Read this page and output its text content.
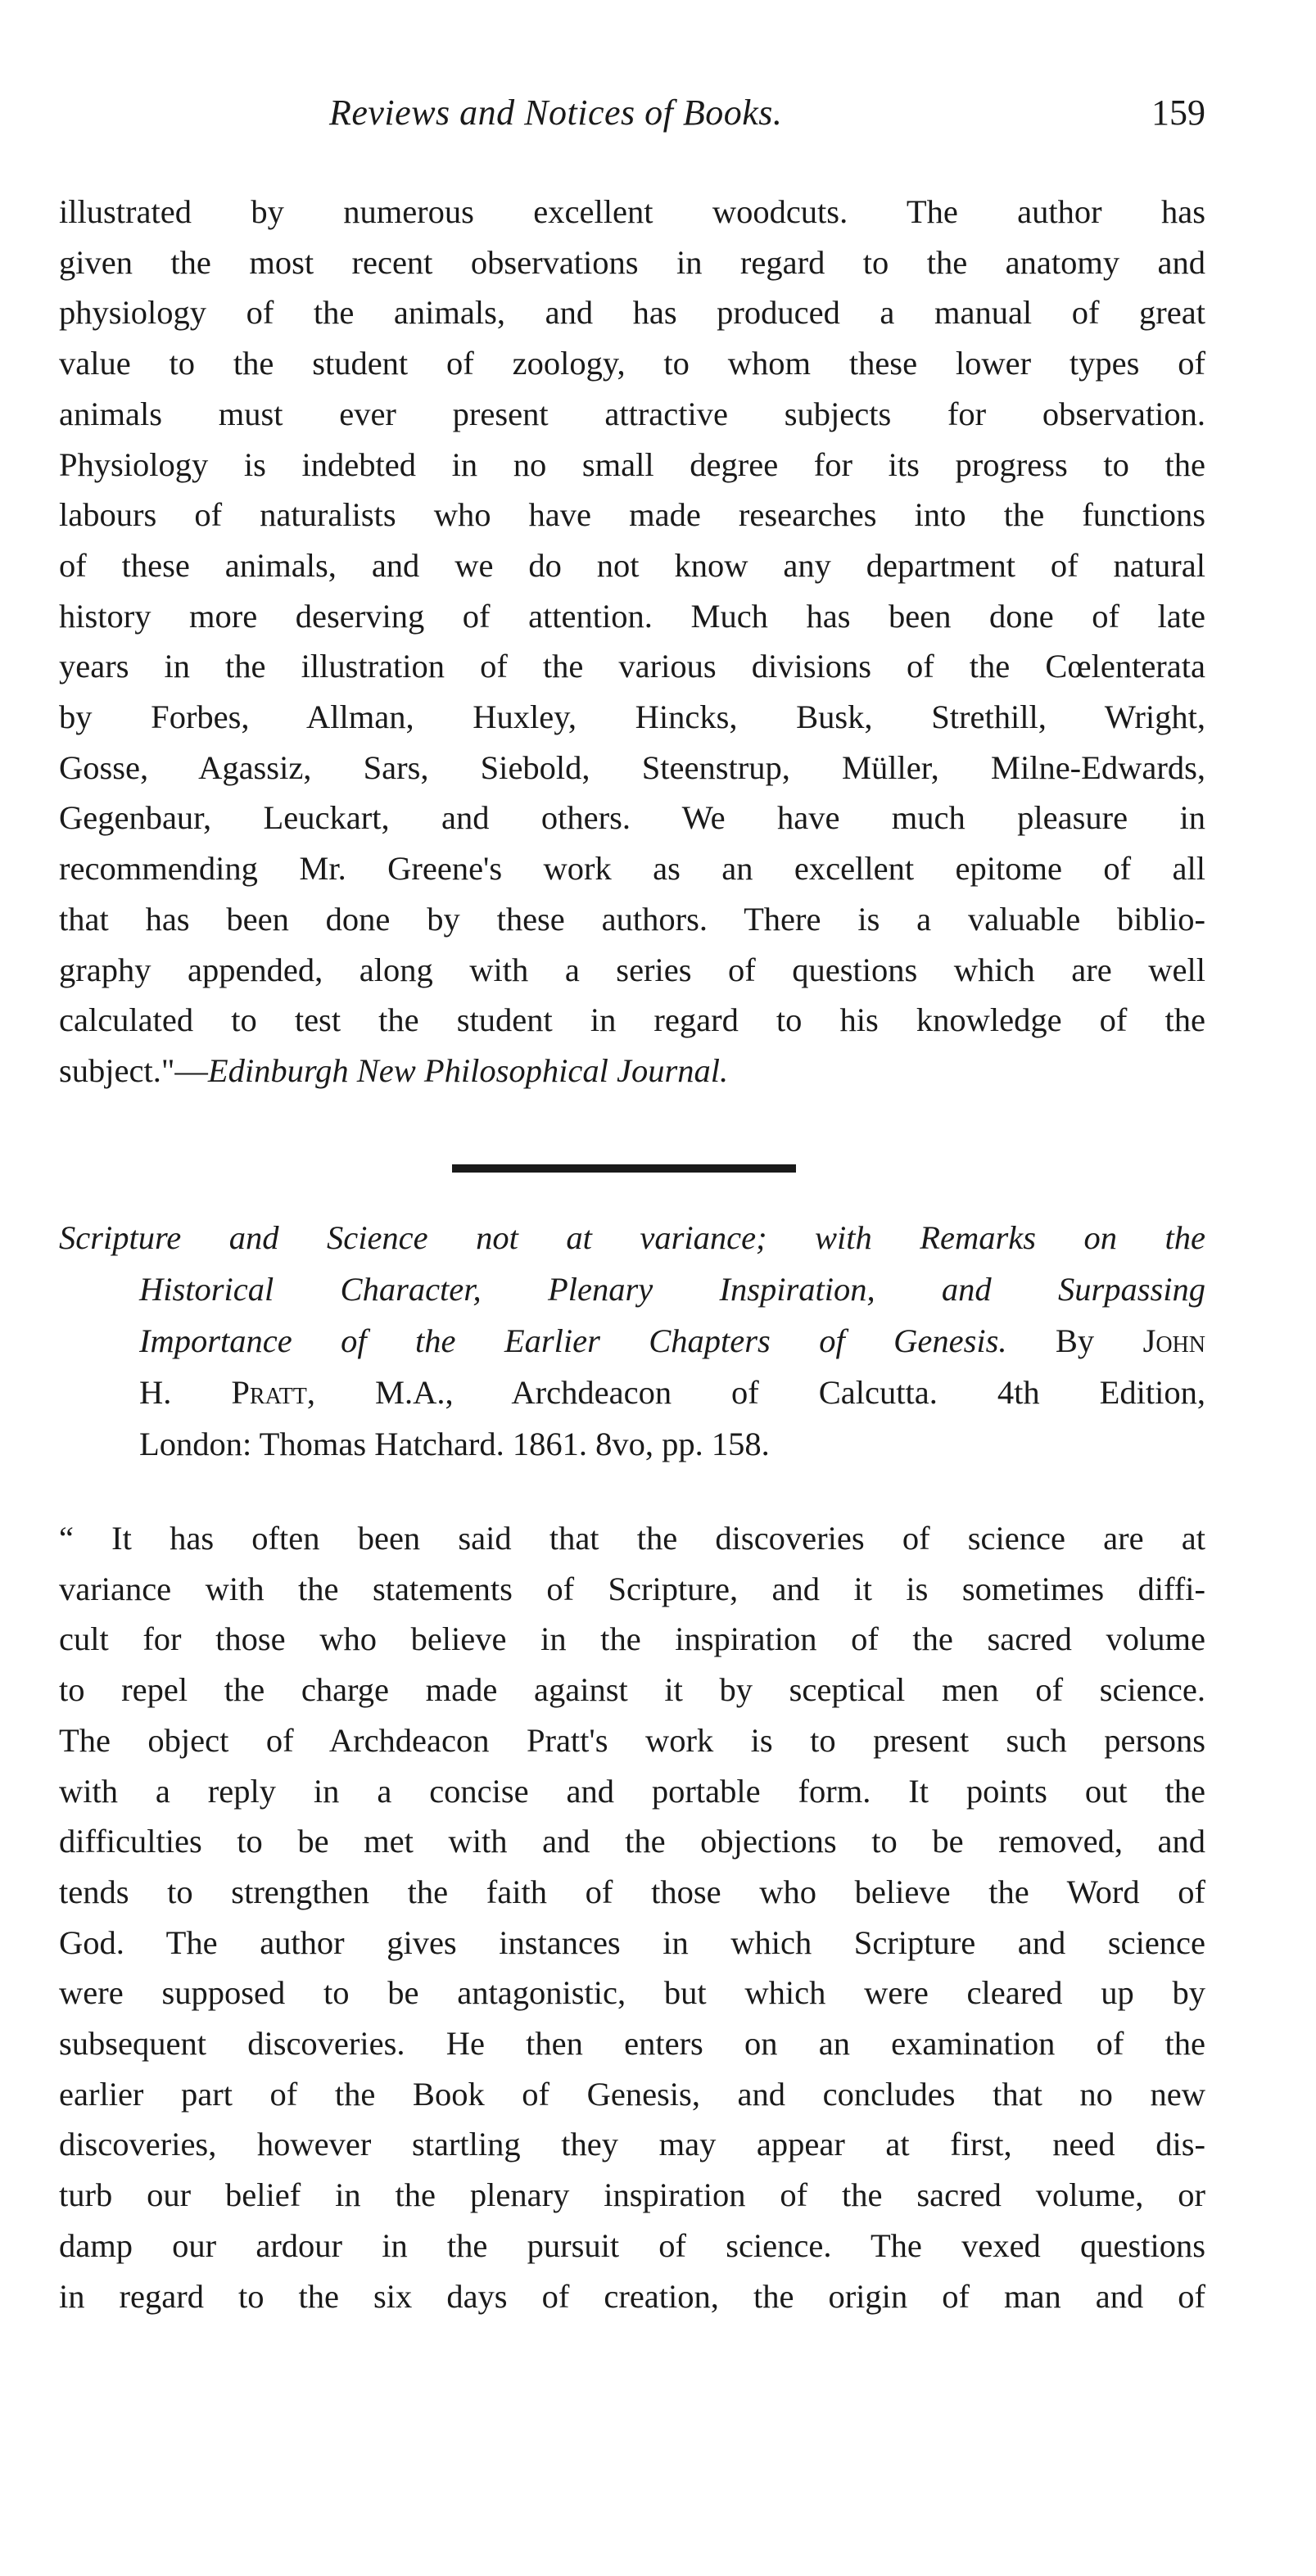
Reviews and Notices of Books.	159
illustrated by numerous excellent woodcuts. The author has
given the most recent observations in regard to the anatomy and
physiology of the animals, and has produced a manual of great
value to the student of zoology, to whom these lower types of
animals must ever present attractive subjects for observation.
Physiology is indebted in no small degree for its progress to the
labours of naturalists who have made researches into the functions
of these animals, and we do not know any department of natural
history more deserving of attention. Much has been done of late
years in the illustration of the various divisions of the Cœlenterata
by Forbes, Allman, Huxley, Hincks, Busk, Strethill, Wright,
Gosse, Agassiz, Sars, Siebold, Steenstrup, Müller, Milne-Edwards,
Gegenbaur, Leuckart, and others. We have much pleasure in
recommending Mr. Greene's work as an excellent epitome of all
that has been done by these authors. There is a valuable biblio-
graphy appended, along with a series of questions which are well
calculated to test the student in regard to his knowledge of the
subject."—Edinburgh New Philosophical Journal.
Scripture and Science not at variance; with Remarks on the
Historical Character, Plenary Inspiration, and Surpassing
Importance of the Earlier Chapters of Genesis. By John
H. Pratt, M.A., Archdeacon of Calcutta. 4th Edition,
London: Thomas Hatchard. 1861. 8vo, pp. 158.
“ It has often been said that the discoveries of science are at
variance with the statements of Scripture, and it is sometimes diffi-
cult for those who believe in the inspiration of the sacred volume
to repel the charge made against it by sceptical men of science.
The object of Archdeacon Pratt's work is to present such persons
with a reply in a concise and portable form. It points out the
difficulties to be met with and the objections to be removed, and
tends to strengthen the faith of those who believe the Word of
God. The author gives instances in which Scripture and science
were supposed to be antagonistic, but which were cleared up by
subsequent discoveries. He then enters on an examination of the
earlier part of the Book of Genesis, and concludes that no new
discoveries, however startling they may appear at first, need dis-
turb our belief in the plenary inspiration of the sacred volume, or
damp our ardour in the pursuit of science. The vexed questions
in regard to the six days of creation, the origin of man and of
